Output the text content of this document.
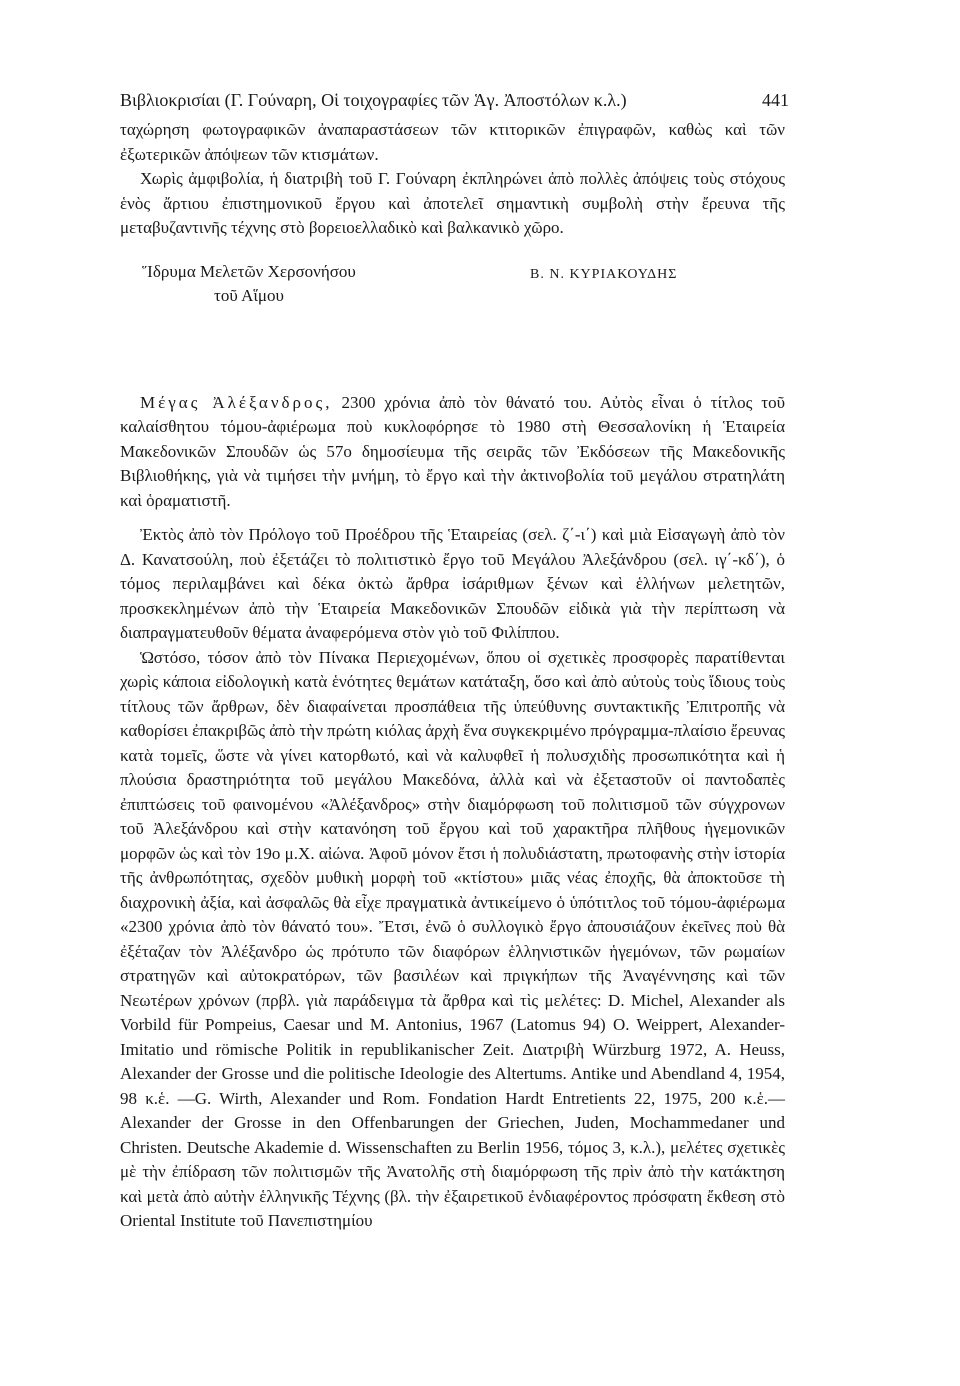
Βιβλιοκρισίαι (Γ. Γούναρη, Οἱ τοιχογραφίες τῶν Ἁγ. Ἀποστόλων κ.λ.)	441

ταχώρηση φωτογραφικῶν ἀναπαραστάσεων τῶν κτιτορικῶν ἐπιγραφῶν, καθὼς καὶ τῶν ἐξωτερικῶν ἀπόψεων τῶν κτισμάτων.

Χωρὶς ἀμφιβολία, ἡ διατριβὴ τοῦ Γ. Γούναρη ἐκπληρώνει ἀπὸ πολλὲς ἀπόψεις τοὺς στόχους ἑνὸς ἄρτιου ἐπιστημονικοῦ ἔργου καὶ ἀποτελεῖ σημαντικὴ συμβολὴ στὴν ἔρευνα τῆς μεταβυζαντινῆς τέχνης στὸ βορειοελλαδικὸ καὶ βαλκανικὸ χῶρο.

Ἵδρυμα Μελετῶν Χερσονήσου
τοῦ Αἵμου
Β. Ν. ΚΥΡΙΑΚΟΥΔΗΣ

Μέγας Ἀλέξανδρος, 2300 χρόνια ἀπὸ τὸν θάνατό του. Αὐτὸς εἶναι ὁ τίτλος τοῦ καλαίσθητου τόμου-ἀφιέρωμα ποὺ κυκλοφόρησε τὸ 1980 στὴ Θεσσαλονίκη ἡ Ἑταιρεία Μακεδονικῶν Σπουδῶν ὡς 57ο δημοσίευμα τῆς σειρᾶς τῶν Ἐκδόσεων τῆς Μακεδονικῆς Βιβλιοθήκης, γιὰ νὰ τιμήσει τὴν μνήμη, τὸ ἔργο καὶ τὴν ἀκτινοβολία τοῦ μεγάλου στρατηλάτη καὶ ὁραματιστῆ.

Ἐκτὸς ἀπὸ τὸν Πρόλογο τοῦ Προέδρου τῆς Ἑταιρείας (σελ. ζ΄-ι΄) καὶ μιὰ Εἰσαγωγὴ ἀπὸ τὸν Δ. Κανατσούλη, ποὺ ἐξετάζει τὸ πολιτιστικὸ ἔργο τοῦ Μεγάλου Ἀλεξάνδρου (σελ. ιγ΄-κδ΄), ὁ τόμος περιλαμβάνει καὶ δέκα ὀκτὼ ἄρθρα ἰσάριθμων ξένων καὶ ἑλλήνων μελετητῶν, προσκεκλημένων ἀπὸ τὴν Ἑταιρεία Μακεδονικῶν Σπουδῶν εἰδικὰ γιὰ τὴν περίπτωση νὰ διαπραγματευθοῦν θέματα ἀναφερόμενα στὸν γιὸ τοῦ Φιλίππου.

Ὡστόσο, τόσον ἀπὸ τὸν Πίνακα Περιεχομένων, ὅπου οἱ σχετικὲς προσφορὲς παρατίθενται χωρὶς κάποια εἰδολογικὴ κατὰ ἑνότητες θεμάτων κατάταξη, ὅσο καὶ ἀπὸ αὐτοὺς τοὺς ἴδιους τοὺς τίτλους τῶν ἄρθρων, δὲν διαφαίνεται προσπάθεια τῆς ὑπεύθυνης συντακτικῆς Ἐπιτροπῆς νὰ καθορίσει ἐπακριβῶς ἀπὸ τὴν πρώτη κιόλας ἀρχὴ ἕνα συγκεκριμένο πρόγραμμα-πλαίσιο ἔρευνας κατὰ τομεῖς, ὥστε νὰ γίνει κατορθωτό, καὶ νὰ καλυφθεῖ ἡ πολυσχιδὴς προσωπικότητα καὶ ἡ πλούσια δραστηριότητα τοῦ μεγάλου Μακεδόνα, ἀλλὰ καὶ νὰ ἐξεταστοῦν οἱ παντοδαπὲς ἐπιπτώσεις τοῦ φαινομένου «Ἀλέξανδρος» στὴν διαμόρφωση τοῦ πολιτισμοῦ τῶν σύγχρονων τοῦ Ἀλεξάνδρου καὶ στὴν κατανόηση τοῦ ἔργου καὶ τοῦ χαρακτῆρα πλῆθους ἡγεμονικῶν μορφῶν ὡς καὶ τὸν 19ο μ.Χ. αἰώνα. Ἀφοῦ μόνον ἔτσι ἡ πολυδιάστατη, πρωτοφανὴς στὴν ἱστορία τῆς ἀνθρωπότητας, σχεδὸν μυθικὴ μορφὴ τοῦ «κτίστου» μιᾶς νέας ἐποχῆς, θὰ ἀποκτοῦσε τὴ διαχρονικὴ ἀξία, καὶ ἀσφαλῶς θὰ εἶχε πραγματικὰ ἀντικείμενο ὁ ὑπότιτλος τοῦ τόμου-ἀφιέρωμα «2300 χρόνια ἀπὸ τὸν θάνατό του». Ἔτσι, ἐνῶ ὁ συλλογικὸ ἔργο ἀπουσιάζουν ἐκεῖνες ποὺ θὰ ἐξέταζαν τὸν Ἀλέξανδρο ὡς πρότυπο τῶν διαφόρων ἑλληνιστικῶν ἡγεμόνων, τῶν ρωμαίων στρατηγῶν καὶ αὐτοκρατόρων, τῶν βασιλέων καὶ πριγκήπων τῆς Ἀναγέννησης καὶ τῶν Νεωτέρων χρόνων (πρβλ. γιὰ παράδειγμα τὰ ἄρθρα καὶ τὶς μελέτες: D. Michel, Alexander als Vorbild für Pompeius, Caesar und M. Antonius, 1967 (Latomus 94) O. Weippert, Alexander-Imitatio und römische Politik in republikanischer Zeit. Διατριβὴ Würzburg 1972, A. Heuss, Alexander der Grosse und die politische Ideologie des Altertums. Antike und Abendland 4, 1954, 98 κ.ἑ. —G. Wirth, Alexander und Rom. Fondation Hardt Entretients 22, 1975, 200 κ.ἑ.— Alexander der Grosse in den Offenbarungen der Griechen, Juden, Mochammedaner und Christen. Deutsche Akademie d. Wissenschaften zu Berlin 1956, τόμος 3, κ.λ.), μελέτες σχετικὲς μὲ τὴν ἐπίδραση τῶν πολιτισμῶν τῆς Ἀνατολῆς στὴ διαμόρφωση τῆς πρὶν ἀπὸ τὴν κατάκτηση καὶ μετὰ ἀπὸ αὐτὴν ἑλληνικῆς Τέχνης (βλ. τὴν ἐξαιρετικοῦ ἐνδιαφέροντος πρόσφατη ἔκθεση στὸ Oriental Institute τοῦ Πανεπιστημίου
